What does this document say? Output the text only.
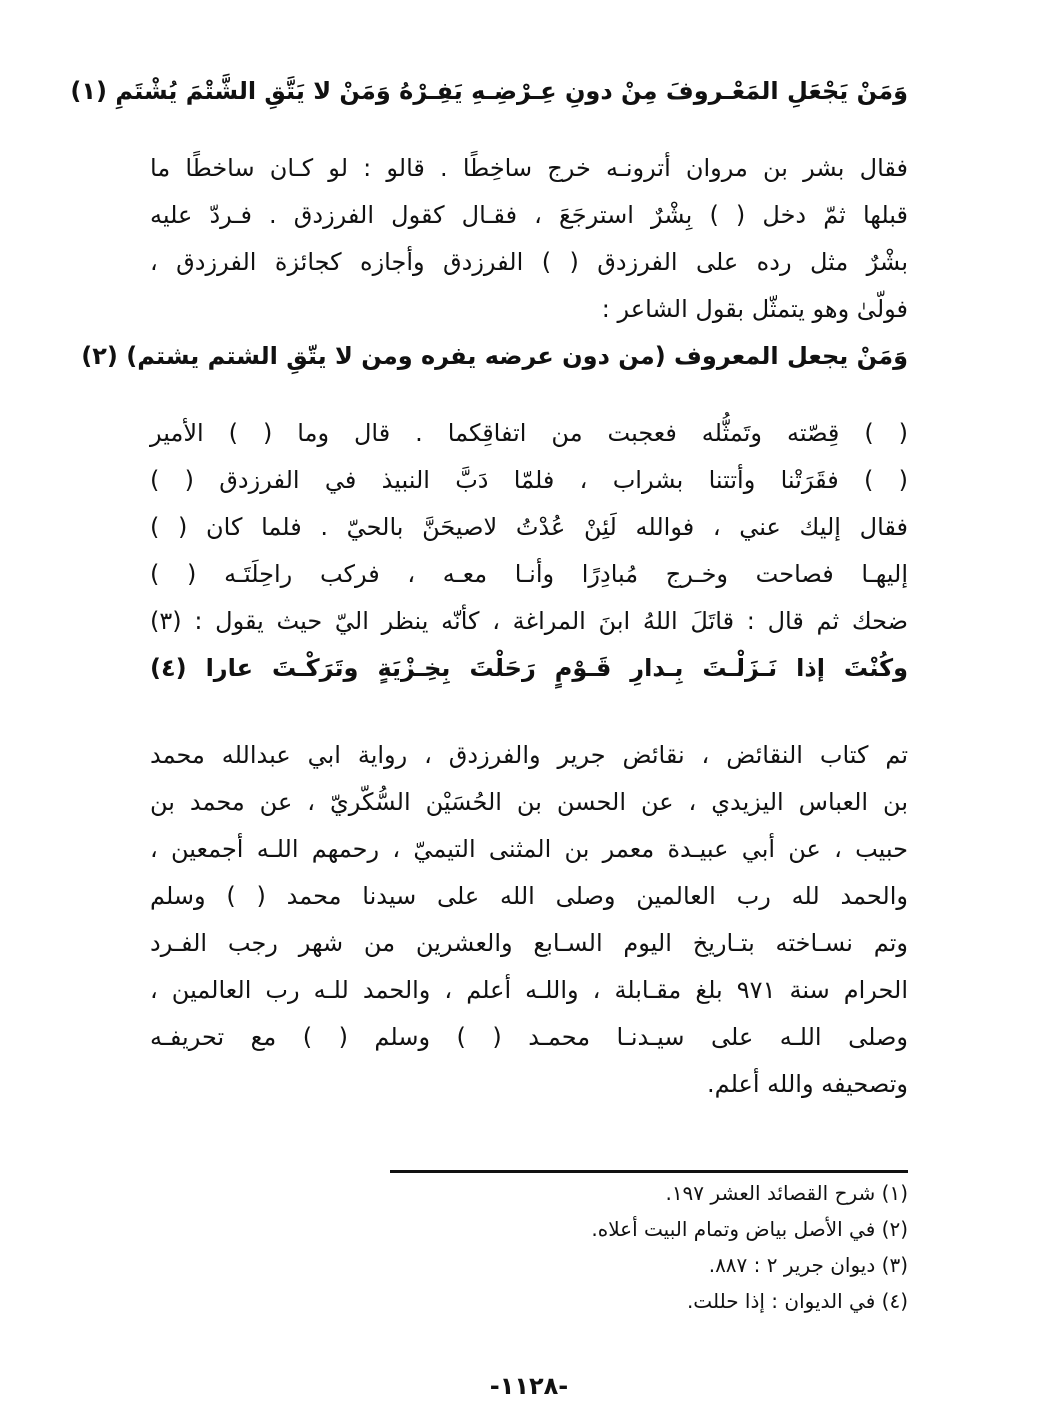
وَمَنْ يَجْعَلِ المَعْـروفَ مِنْ دونِ عِـرْضِـهِ يَفِـرْهُ وَمَنْ لا يَتَّقِ الشَّتْمَ يُشْتَمِ (١)
فقال بشر بن مروان أترونـه خرج ساخِطًا . قالو : لو كـان ساخطًا ما
قبلها ثمّ دخل ( ) بِشْرٌ استرجَعَ ، فقـال كقول الفرزدق . فـردّ عليه
بشْرٌ مثل رده على الفرزدق ( ) الفرزدق وأجازه كجائزة الفرزدق ،
فولّىٰ وهو يتمثّل بقول الشاعر :
وَمَنْ يجعل المعروف (من دون عرضه يفره ومن لا يتّقِ الشتم يشتم) (٢)
( ) قِصّته وتَمثُّله فعجبت من اتفاقِكما . قال وما ( ) الأمير
( ) فقَرَتْنا وأتتنا بشراب ، فلمّا دَبَّ النبيذ في الفرزدق ( )
فقال إليك عني ، فوالله لَئِنْ عُدْتُ لاصيحَنَّ بالحيّ . فلما كان ( )
إليهـا فصاحت وخـرج مُبادِرًا وأنـا معـه ، فركب راحِلَتَـه ( )
ضحك ثم قال : قاتَلَ اللهُ ابنَ المراغة ، كأنّه ينظر اليّ حيث يقول : (٣)
وكُنْتَ إذا نَـزَلْـتَ بِـدارِ قَـوْمٍ رَحَلْتَ بِخِـزْيَةٍ وتَرَكْـتَ عارا (٤)
تم كتاب النقائض ، نقائض جرير والفرزدق ، رواية ابي عبدالله محمد
بن العباس اليزيدي ، عن الحسن بن الحُسَيْن السُّكّريّ ، عن محمد بن
حبيب ، عن أبي عبيـدة معمر بن المثنى التيميّ ، رحمهم اللـه أجمعين ،
والحمد لله رب العالمين وصلى الله على سيدنا محمد ( ) وسلم
وتم نسـاخته بتـاريخ اليوم السـابع والعشرين من شهر رجب الفـرد
الحرام سنة ٩٧١ بلغ مقـابلة ، واللـه أعلم ، والحمد للـه رب العالمين ،
وصلى اللـه على سيـدنـا محمـد ( ) وسلم ( ) مع تحريفـه
وتصحيفه والله أعلم.
(١) شرح القصائد العشر ١٩٧.
(٢) في الأصل بياض وتمام البيت أعلاه.
(٣) ديوان جرير ٢ : ٨٨٧.
(٤) في الديوان : إذا حللت.
-١١٢٨-
